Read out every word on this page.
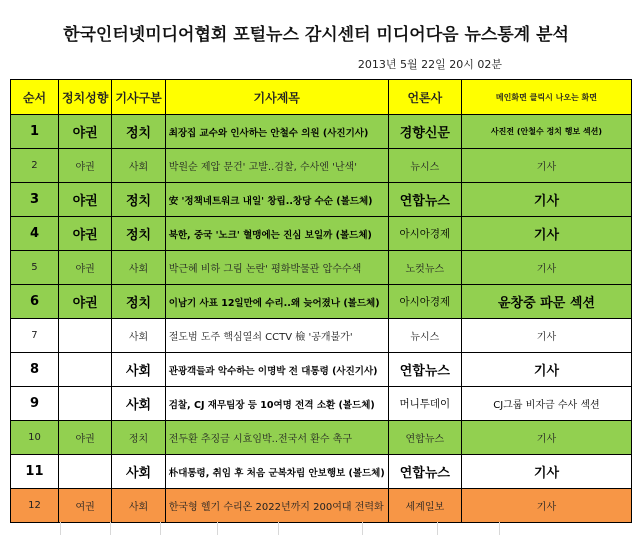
한국인터넷미디어협회 포털뉴스 감시센터 미디어다음 뉴스통계 분석
2013년 5월 22일 20시 02분
순서	정치성향	기사구분	기사제목	언론사	메인화면 클릭시 나오는 화면
1	야권	정치	최장집 교수와 인사하는 안철수 의원 (사진기사)	경향신문	사진전 (안철수 정치 행보 섹션)
2	야권	사회	박원순 제압 문건' 고발..검찰, 수사엔 '난색'	뉴시스	기사
3	야권	정치	安 '정책네트워크 내일' 창립..창당 수순 (볼드체)	연합뉴스	기사
4	야권	정치	북한, 중국 '노크' 혈맹에는 진심 보일까 (볼드체)	아시아경제	기사
5	야권	사회	박근혜 비하 그림 논란' 평화박물관 압수수색	노컷뉴스	기사
6	야권	정치	이남기 사표 12일만에 수리..왜 늦어졌나 (볼드체)	아시아경제	윤창중 파문 섹션
7		사회	절도범 도주 핵심열쇠 CCTV 檢 '공개불가'	뉴시스	기사
8		사회	관광객들과 악수하는 이명박 전 대통령 (사진기사)	연합뉴스	기사
9		사회	검찰, CJ 재무팀장 등 10여명 전격 소환 (볼드체)	머니투데이	CJ그룹 비자금 수사 섹션
10	야권	정치	전두환 추징금 시효임박..전국서 환수 촉구	연합뉴스	기사
11		사회	朴대통령, 취임 후 처음 군복차림 안보행보 (볼드체)	연합뉴스	기사
12	여권	사회	한국형 헬기 수리온 2022년까지 200여대 전력화	세계일보	기사
